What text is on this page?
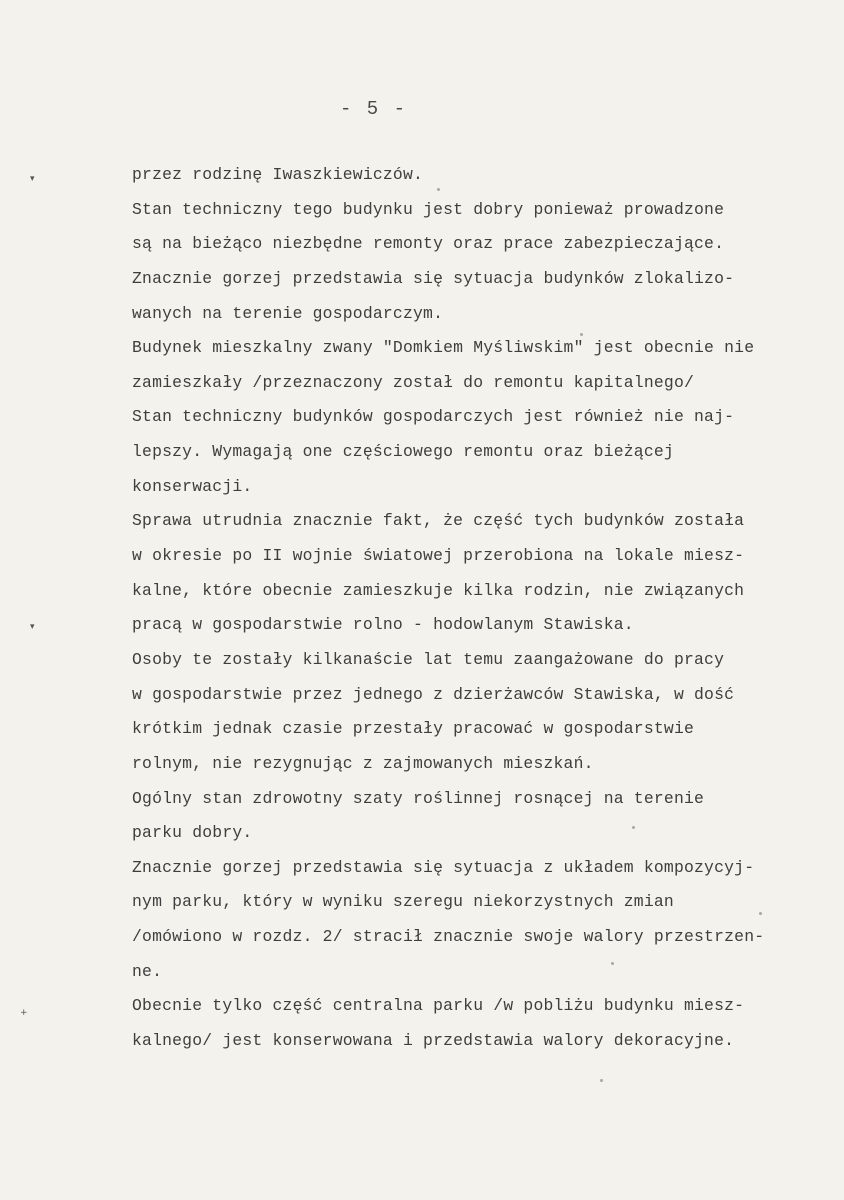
- 5 -
▾
▾
+
przez rodzinę Iwaszkiewiczów.
Stan techniczny tego budynku jest dobry ponieważ prowadzone
są na bieżąco niezbędne remonty oraz prace zabezpieczające.
Znacznie gorzej przedstawia się sytuacja budynków zlokalizo-
wanych na terenie gospodarczym.
Budynek mieszkalny zwany "Domkiem Myśliwskim" jest obecnie nie
zamieszkały /przeznaczony został do remontu kapitalnego/
Stan techniczny budynków gospodarczych jest również nie naj-
lepszy. Wymagają one częściowego remontu oraz bieżącej
konserwacji.
Sprawa utrudnia znacznie fakt, że część tych budynków została
w okresie po II wojnie światowej przerobiona na lokale miesz-
kalne, które obecnie zamieszkuje kilka rodzin, nie związanych
pracą w gospodarstwie rolno - hodowlanym Stawiska.
Osoby te zostały kilkanaście lat temu zaangażowane do pracy
w gospodarstwie przez jednego z dzierżawców Stawiska, w dość
krótkim jednak czasie przestały pracować w gospodarstwie
rolnym, nie rezygnując z zajmowanych mieszkań.
Ogólny stan zdrowotny szaty roślinnej rosnącej na terenie
parku dobry.
Znacznie gorzej przedstawia się sytuacja z układem kompozycyj-
nym parku, który w wyniku szeregu niekorzystnych zmian
/omówiono w rozdz. 2/ stracił znacznie swoje walory przestrzen-
ne.
Obecnie tylko część centralna parku /w pobliżu budynku miesz-
kalnego/ jest konserwowana i przedstawia walory dekoracyjne.
